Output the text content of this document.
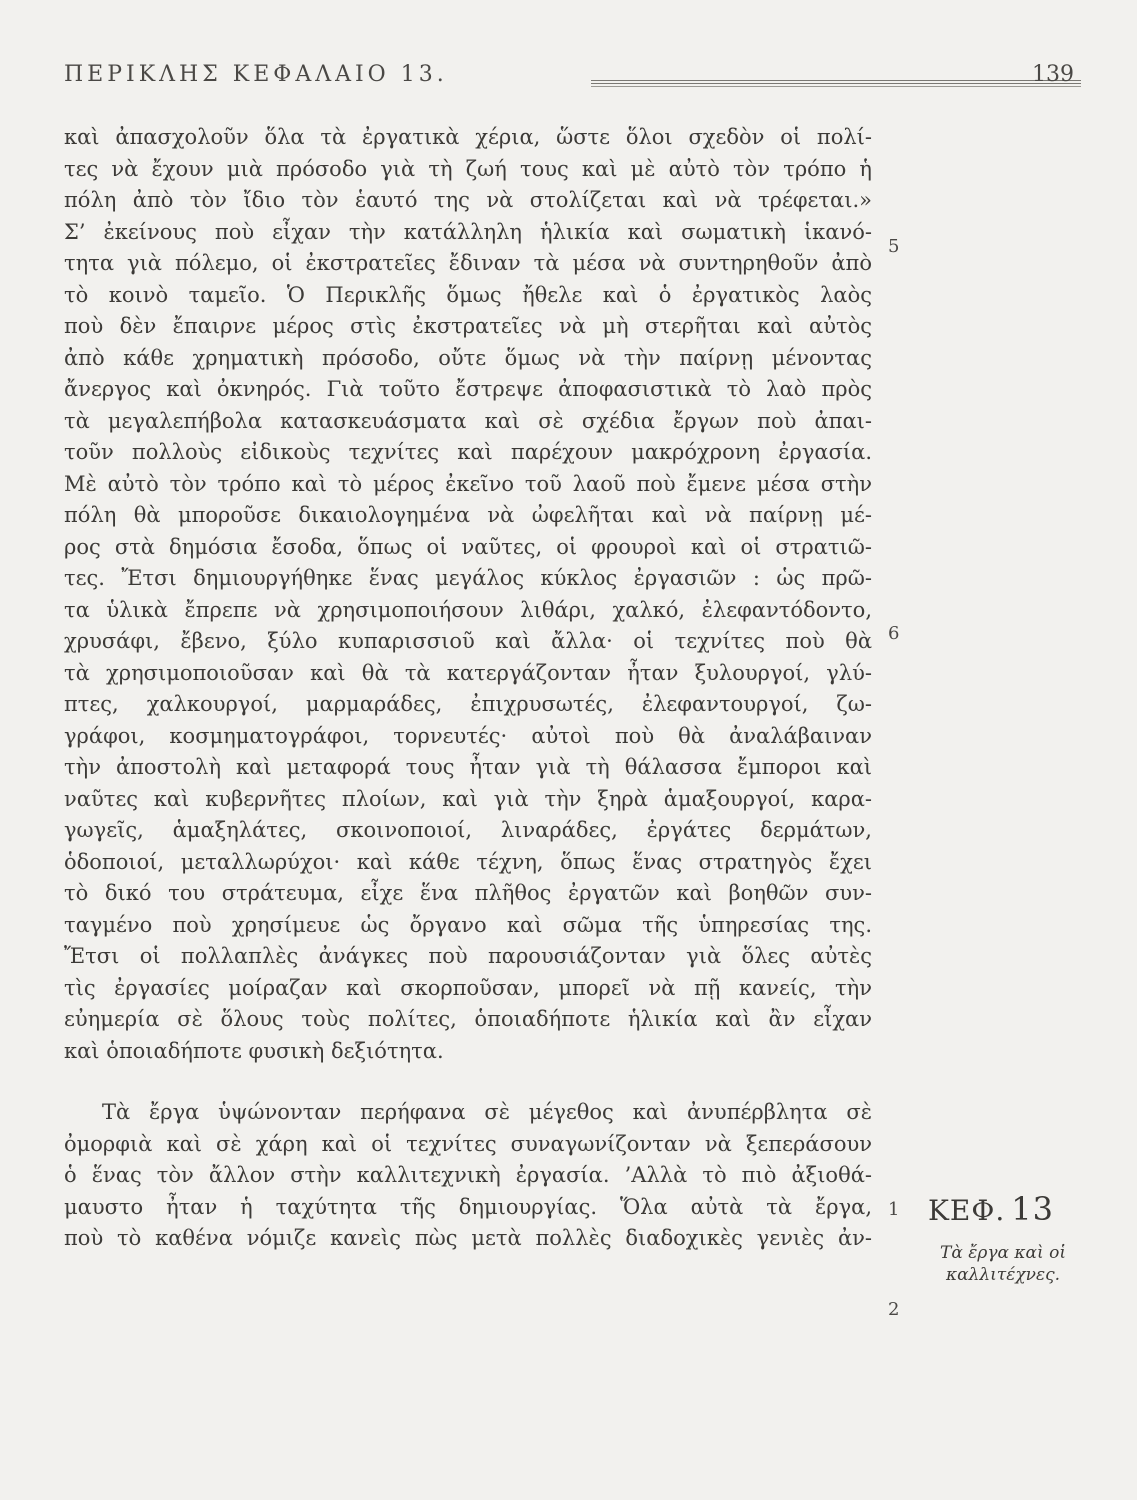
ΠΕΡΙΚΛΗΣ ΚΕΦΑΛΑΙΟ 13.	139
καὶ ἀπασχολοῦν ὅλα τὰ ἐργατικὰ χέρια, ὥστε ὅλοι σχεδὸν οἱ πολί-
τες νὰ ἔχουν μιὰ πρόσοδο γιὰ τὴ ζωή τους καὶ μὲ αὐτὸ τὸν τρόπο ἡ
πόλη ἀπὸ τὸν ἴδιο τὸν ἑαυτό της νὰ στολίζεται καὶ νὰ τρέφεται.»
Σ’ ἐκείνους ποὺ εἶχαν τὴν κατάλληλη ἡλικία καὶ σωματικὴ ἱκανό-
τητα γιὰ πόλεμο, οἱ ἐκστρατεῖες ἔδιναν τὰ μέσα νὰ συντηρηθοῦν ἀπὸ
τὸ κοινὸ ταμεῖο. Ὁ Περικλῆς ὅμως ἤθελε καὶ ὁ ἐργατικὸς λαὸς
ποὺ δὲν ἔπαιρνε μέρος στὶς ἐκστρατεῖες νὰ μὴ στερῆται καὶ αὐτὸς
ἀπὸ κάθε χρηματικὴ πρόσοδο, οὔτε ὅμως νὰ τὴν παίρνῃ μένοντας
ἄνεργος καὶ ὀκνηρός. Γιὰ τοῦτο ἔστρεψε ἀποφασιστικὰ τὸ λαὸ πρὸς
τὰ μεγαλεπήβολα κατασκευάσματα καὶ σὲ σχέδια ἔργων ποὺ ἀπαι-
τοῦν πολλοὺς εἰδικοὺς τεχνίτες καὶ παρέχουν μακρόχρονη ἐργασία.
Μὲ αὐτὸ τὸν τρόπο καὶ τὸ μέρος ἐκεῖνο τοῦ λαοῦ ποὺ ἔμενε μέσα στὴν
πόλη θὰ μποροῦσε δικαιολογημένα νὰ ὠφελῆται καὶ νὰ παίρνῃ μέ-
ρος στὰ δημόσια ἔσοδα, ὅπως οἱ ναῦτες, οἱ φρουροὶ καὶ οἱ στρατιῶ-
τες. Ἔτσι δημιουργήθηκε ἕνας μεγάλος κύκλος ἐργασιῶν : ὡς πρῶ-
τα ὑλικὰ ἔπρεπε νὰ χρησιμοποιήσουν λιθάρι, χαλκό, ἐλεφαντόδοντο,
χρυσάφι, ἔβενο, ξύλο κυπαρισσιοῦ καὶ ἄλλα· οἱ τεχνίτες ποὺ θὰ
τὰ χρησιμοποιοῦσαν καὶ θὰ τὰ κατεργάζονταν ἦταν ξυλουργοί, γλύ-
πτες, χαλκουργοί, μαρμαράδες, ἐπιχρυσωτές, ἐλεφαντουργοί, ζω-
γράφοι, κοσμηματογράφοι, τορνευτές· αὐτοὶ ποὺ θὰ ἀναλάβαιναν
τὴν ἀποστολὴ καὶ μεταφορά τους ἦταν γιὰ τὴ θάλασσα ἔμποροι καὶ
ναῦτες καὶ κυβερνῆτες πλοίων, καὶ γιὰ τὴν ξηρὰ ἁμαξουργοί, καρα-
γωγεῖς, ἁμαξηλάτες, σκοινοποιοί, λιναράδες, ἐργάτες δερμάτων,
ὁδοποιοί, μεταλλωρύχοι· καὶ κάθε τέχνη, ὅπως ἕνας στρατηγὸς ἔχει
τὸ δικό του στράτευμα, εἶχε ἕνα πλῆθος ἐργατῶν καὶ βοηθῶν συν-
ταγμένο ποὺ χρησίμευε ὡς ὄργανο καὶ σῶμα τῆς ὑπηρεσίας της.
Ἔτσι οἱ πολλαπλὲς ἀνάγκες ποὺ παρουσιάζονταν γιὰ ὅλες αὐτὲς
τὶς ἐργασίες μοίραζαν καὶ σκορποῦσαν, μπορεῖ νὰ πῇ κανείς, τὴν
εὐημερία σὲ ὅλους τοὺς πολίτες, ὁποιαδήποτε ἡλικία καὶ ἂν εἶχαν
καὶ ὁποιαδήποτε φυσικὴ δεξιότητα.
Τὰ ἔργα ὑψώνονταν περήφανα σὲ μέγεθος καὶ ἀνυπέρβλητα σὲ
ὀμορφιὰ καὶ σὲ χάρη καὶ οἱ τεχνίτες συναγωνίζονταν νὰ ξεπεράσουν
ὁ ἕνας τὸν ἄλλον στὴν καλλιτεχνικὴ ἐργασία. ’Αλλὰ τὸ πιὸ ἀξιοθά-
μαυστο ἦταν ἡ ταχύτητα τῆς δημιουργίας. Ὅλα αὐτὰ τὰ ἔργα,
ποὺ τὸ καθένα νόμιζε κανεὶς πὼς μετὰ πολλὲς διαδοχικὲς γενιὲς ἀν-
5
6
1
2
ΚΕΦ. 13
Τὰ ἔργα καὶ οἱ
καλλιτέχνες.
